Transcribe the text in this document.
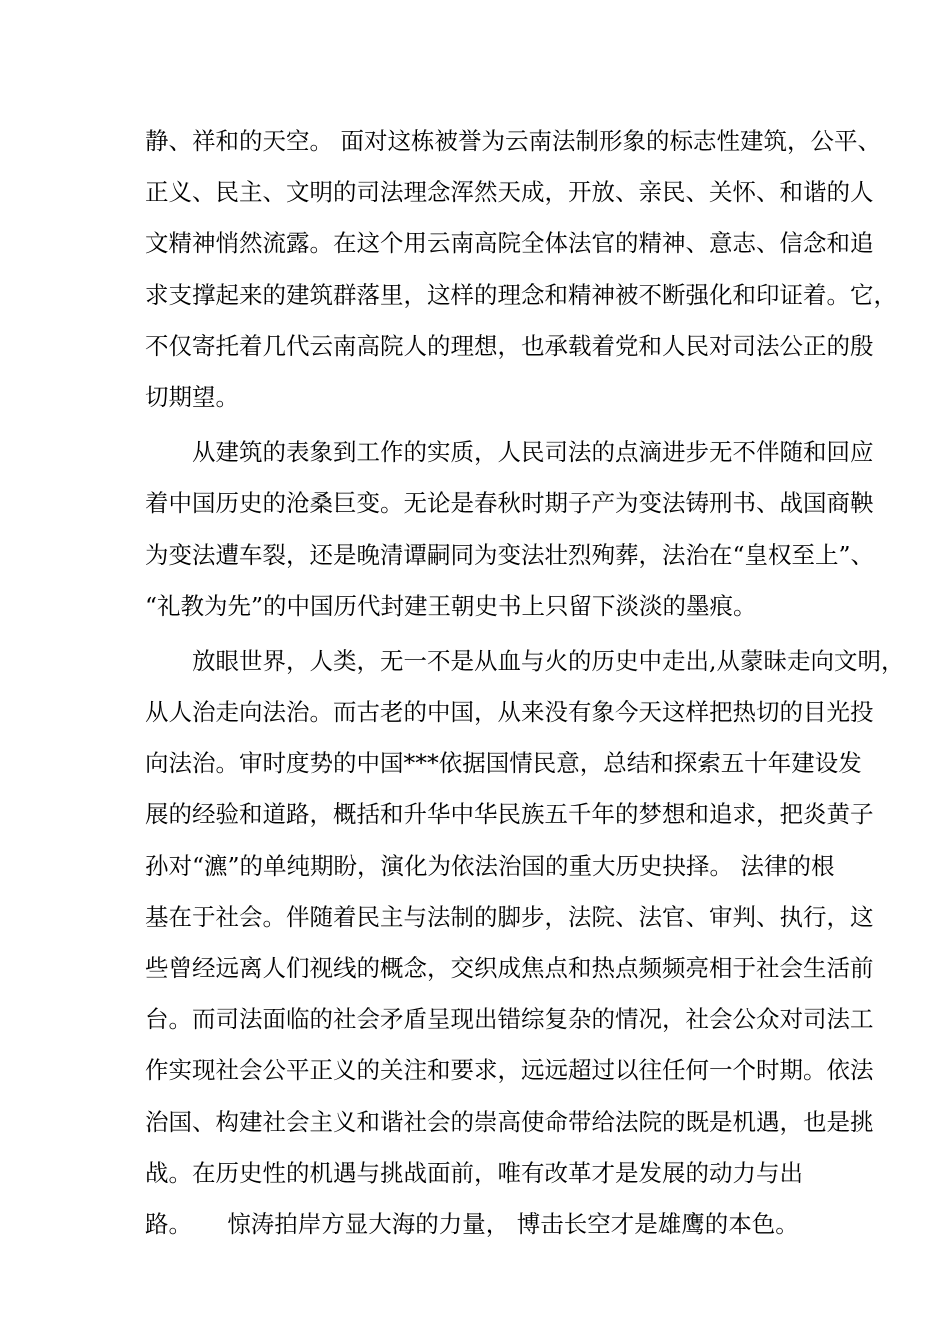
静、祥和的天空。 面对这栋被誉为云南法制形象的标志性建筑，公平、
正义、民主、文明的司法理念浑然天成，开放、亲民、关怀、和谐的人
文精神悄然流露。在这个用云南高院全体法官的精神、意志、信念和追
求支撑起来的建筑群落里，这样的理念和精神被不断强化和印证着。它，
不仅寄托着几代云南高院人的理想，也承载着党和人民对司法公正的殷
切期望。
　　从建筑的表象到工作的实质，人民司法的点滴进步无不伴随和回应
着中国历史的沧桑巨变。无论是春秋时期子产为变法铸刑书、战国商鞅
为变法遭车裂，还是晚清谭嗣同为变法壮烈殉葬，法治在“皇权至上”、
“礼教为先”的中国历代封建王朝史书上只留下淡淡的墨痕。
　　放眼世界，人类，无一不是从血与火的历史中走出,从蒙昧走向文明，
从人治走向法治。而古老的中国，从来没有象今天这样把热切的目光投
向法治。审时度势的中国***依据国情民意，总结和探索五十年建设发
展的经验和道路，概括和升华中华民族五千年的梦想和追求，把炎黄子
孙对“瀌”的单纯期盼，演化为依法治国的重大历史抉择。 法律的根
基在于社会。伴随着民主与法制的脚步，法院、法官、审判、执行，这
些曾经远离人们视线的概念，交织成焦点和热点频频亮相于社会生活前
台。而司法面临的社会矛盾呈现出错综复杂的情况，社会公众对司法工
作实现社会公平正义的关注和要求，远远超过以往任何一个时期。依法
治国、构建社会主义和谐社会的崇高使命带给法院的既是机遇，也是挑
战。在历史性的机遇与挑战面前，唯有改革才是发展的动力与出
路。　　惊涛拍岸方显大海的力量， 博击长空才是雄鹰的本色。
